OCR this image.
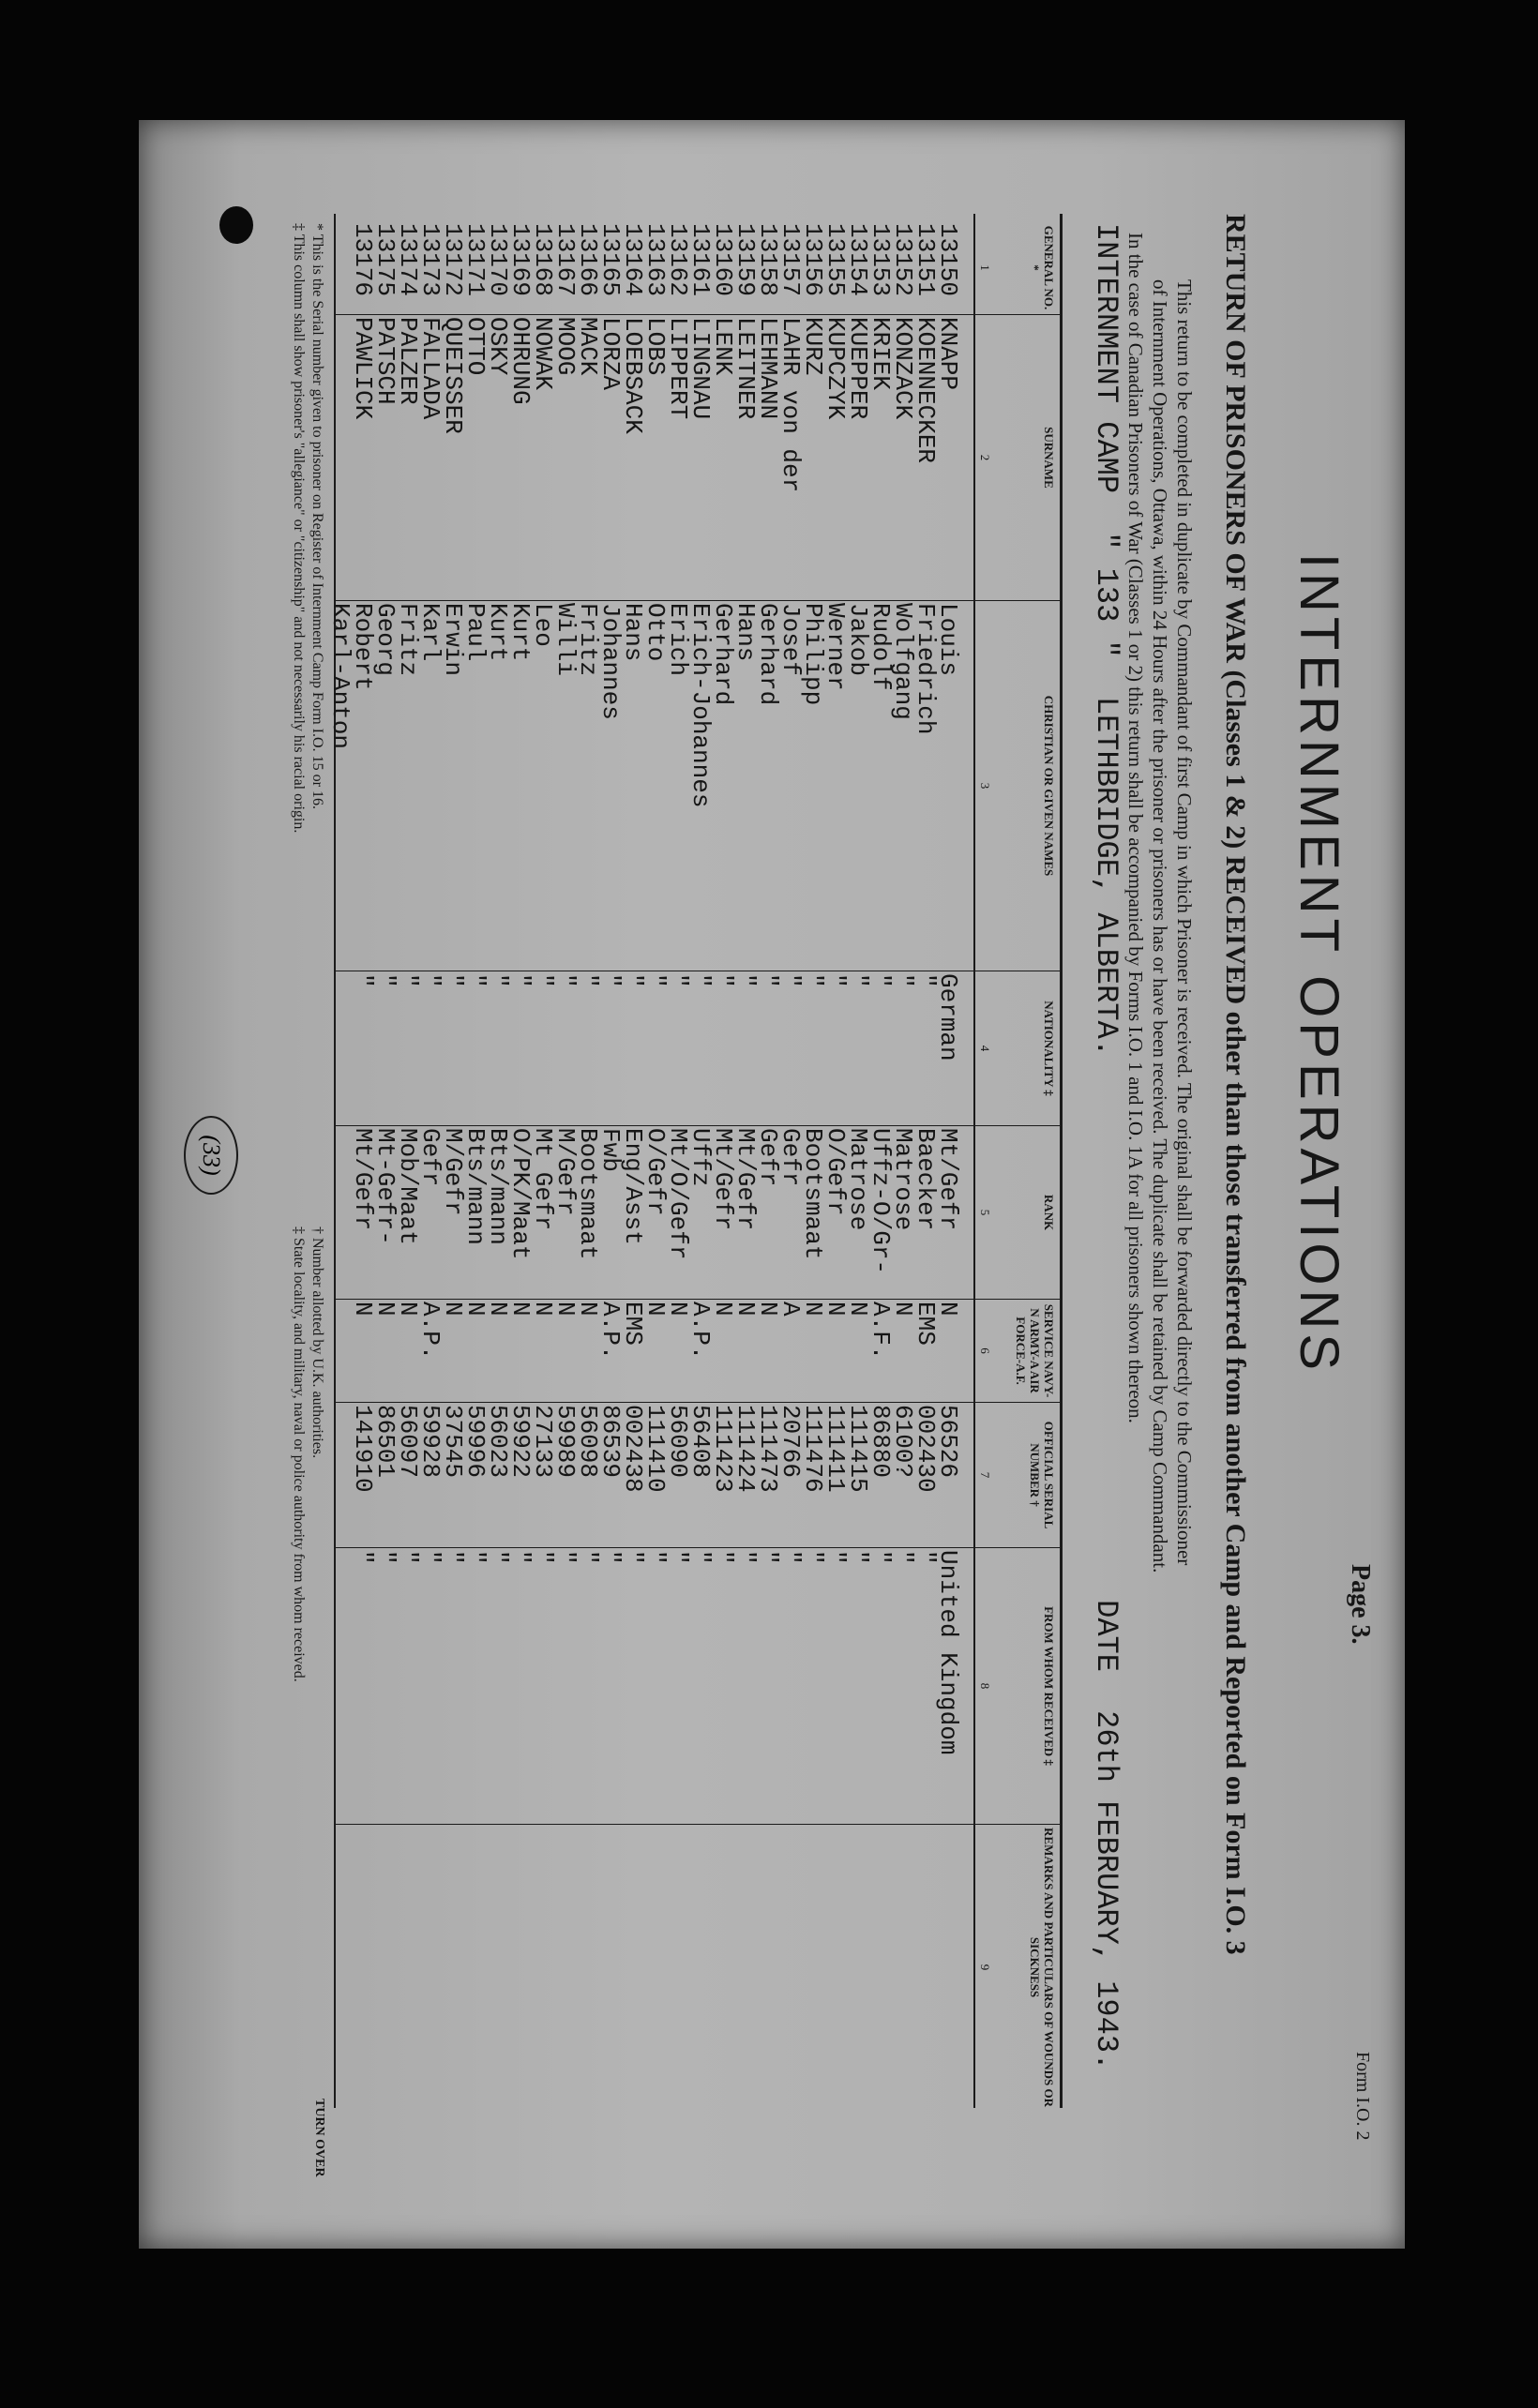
Form I.O. 2
Page 3.
INTERNMENT OPERATIONS
RETURN OF PRISONERS OF WAR (Classes 1 & 2) RECEIVED other than those transferred from another Camp and Reported on Form I.O. 3
This return to be completed in duplicate by Commandant of first Camp in which Prisoner is received. The original shall be forwarded directly to the Commissioner
of Internment Operations, Ottawa, within 24 Hours after the prisoner or prisoners has or have been received. The duplicate shall be retained by Camp Commandant.
In the case of Canadian Prisoners of War (Classes 1 or 2) this return shall be accompanied by Forms I.O. 1 and I.O. 1A for all prisoners shown thereon.
INTERNMENT CAMP " 133 " LETHBRIDGE, ALBERTA. DATE 26th FEBRUARY, 1943.
GENERAL NO. *
1
SURNAME
2
CHRISTIAN OR GIVEN NAMES
3
NATIONALITY ‡
4
RANK
5
SERVICE NAVY-N ARMY-A AIR FORCE-A.F.
6
OFFICIAL SERIAL NUMBER †
7
FROM WHOM RECEIVED ‡
8
REMARKS AND PARTICULARS OF WOUNDS OR SICKNESS
9
13150
KNAPP
Louis
German
Mt/Gefr
N
56526
United Kingdom
13151
KOENNECKER
Friedrich
"
Baecker
EMS
002430
"
13152
KONZACK
Wolfgang
"
Matrose
N
6100?
"
13153
KRIEK
Rudolf
"
Uffz-O/Gr-
A.F.
86880
"
13154
KUEPPER
Jakob
"
Matrose
N
111415
"
13155
KUPCZYK
Werner
"
O/Gefr
N
111411
"
13156
KURZ
Philipp
"
Bootsmaat
N
111476
"
13157
LAHR von der
Josef
"
Gefr
A
20766
"
13158
LEHMANN
Gerhard
"
Gefr
N
111473
"
13159
LEITNER
Hans
"
Mt/Gefr
N
111424
"
13160
LENK
Gerhard
"
Mt/Gefr
N
111423
"
13161
LINGNAU
Erich-Johannes
"
Uffz
A.P.
56408
"
13162
LIPPERT
Erich
"
Mt/O/Gefr
N
56090
"
13163
LOBS
Otto
"
O/Gefr
N
111410
"
13164
LOEBSACK
Hans
"
Eng/Asst
EMS
002438
"
13165
LORZA
Johannes
"
Fwb
A.P.
86539
"
13166
MACK
Fritz
"
Bootsmaat
N
56098
"
13167
MOOG
Willi
"
M/Gefr
N
59989
"
13168
NOWAK
Leo
"
Mt Gefr
N
27133
"
13169
OHRUNG
Kurt
"
O/PK/Maat
N
59922
"
13170
OSKY
Kurt
"
Bts/mann
N
56023
"
13171
OTTO
Paul
"
Bts/mann
N
59996
"
13172
QUEISSER
Erwin
"
M/Gefr
N
37545
"
13173
FALLADA
Karl
"
Gefr
A.P.
59928
"
13174
PALZER
Fritz
"
Mob/Maat
N
56097
"
13175
PATSCH
Georg
"
Mt-Gefr-
N
86501
"
13176
PAWLICK
Robert
"
Mt/Gefr
N
141910
"
Karl-Anton
* This is the Serial number given to prisoner on Register of Internment Camp Form I.O. 15 or 16.
‡ This column shall show prisoner's "allegiance" or "citizenship" and not necessarily his racial origin.
† Number allotted by U.K. authorities.
‡ State locality, and military, naval or police authority from whom received.
TURN OVER
(33)
